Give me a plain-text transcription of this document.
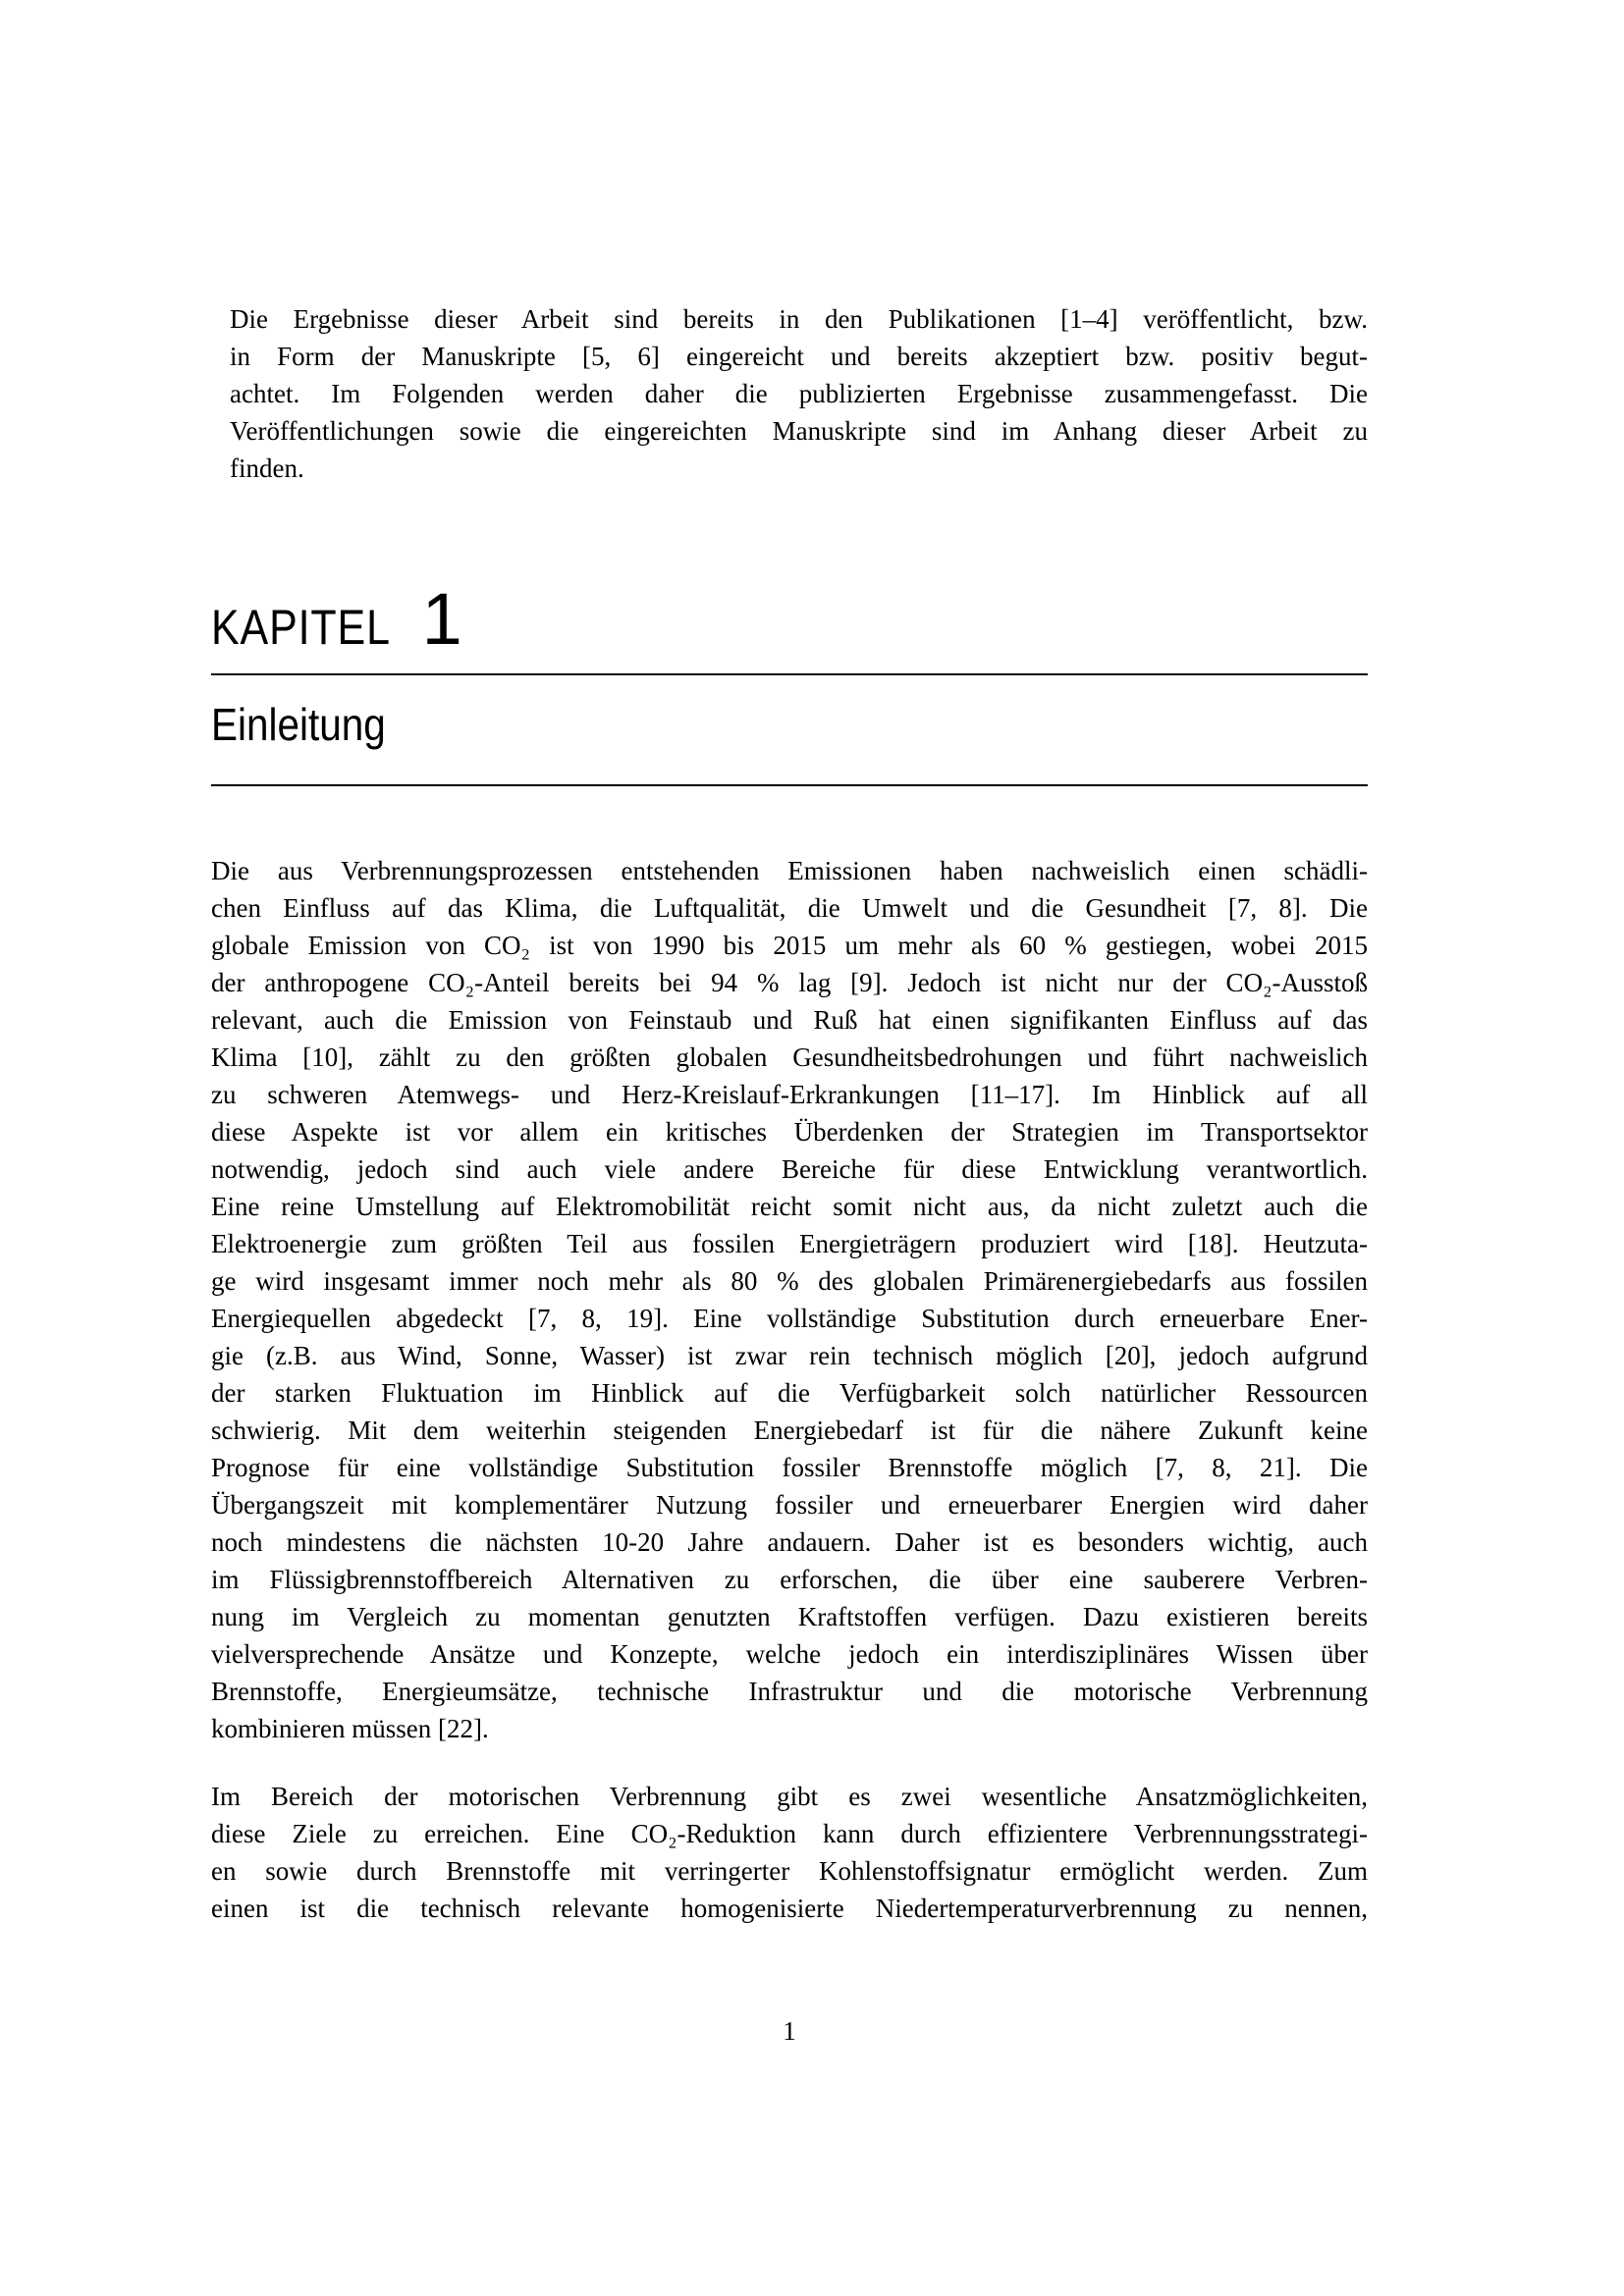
Die Ergebnisse dieser Arbeit sind bereits in den Publikationen [1–4] veröffentlicht, bzw.
in Form der Manuskripte [5, 6] eingereicht und bereits akzeptiert bzw. positiv begut-
achtet. Im Folgenden werden daher die publizierten Ergebnisse zusammengefasst. Die
Veröffentlichungen sowie die eingereichten Manuskripte sind im Anhang dieser Arbeit zu
finden.
KAPITEL 1
Einleitung
Die aus Verbrennungsprozessen entstehenden Emissionen haben nachweislich einen schädli-
chen Einfluss auf das Klima, die Luftqualität, die Umwelt und die Gesundheit [7, 8]. Die
globale Emission von CO₂ ist von 1990 bis 2015 um mehr als 60 % gestiegen, wobei 2015
der anthropogene CO₂-Anteil bereits bei 94 % lag [9]. Jedoch ist nicht nur der CO₂-Ausstoß
relevant, auch die Emission von Feinstaub und Ruß hat einen signifikanten Einfluss auf das
Klima [10], zählt zu den größten globalen Gesundheitsbedrohungen und führt nachweislich
zu schweren Atemwegs- und Herz-Kreislauf-Erkrankungen [11–17]. Im Hinblick auf all
diese Aspekte ist vor allem ein kritisches Überdenken der Strategien im Transportsektor
notwendig, jedoch sind auch viele andere Bereiche für diese Entwicklung verantwortlich.
Eine reine Umstellung auf Elektromobilität reicht somit nicht aus, da nicht zuletzt auch die
Elektroenergie zum größten Teil aus fossilen Energieträgern produziert wird [18]. Heutzuta-
ge wird insgesamt immer noch mehr als 80 % des globalen Primärenergiebedarfs aus fossilen
Energiequellen abgedeckt [7, 8, 19]. Eine vollständige Substitution durch erneuerbare Ener-
gie (z.B. aus Wind, Sonne, Wasser) ist zwar rein technisch möglich [20], jedoch aufgrund
der starken Fluktuation im Hinblick auf die Verfügbarkeit solch natürlicher Ressourcen
schwierig. Mit dem weiterhin steigenden Energiebedarf ist für die nähere Zukunft keine
Prognose für eine vollständige Substitution fossiler Brennstoffe möglich [7, 8, 21]. Die
Übergangszeit mit komplementärer Nutzung fossiler und erneuerbarer Energien wird daher
noch mindestens die nächsten 10-20 Jahre andauern. Daher ist es besonders wichtig, auch
im Flüssigbrennstoffbereich Alternativen zu erforschen, die über eine sauberere Verbren-
nung im Vergleich zu momentan genutzten Kraftstoffen verfügen. Dazu existieren bereits
vielversprechende Ansätze und Konzepte, welche jedoch ein interdisziplinäres Wissen über
Brennstoffe, Energieumsätze, technische Infrastruktur und die motorische Verbrennung
kombinieren müssen [22].
Im Bereich der motorischen Verbrennung gibt es zwei wesentliche Ansatzmöglichkeiten,
diese Ziele zu erreichen. Eine CO₂-Reduktion kann durch effizientere Verbrennungsstrategi-
en sowie durch Brennstoffe mit verringerter Kohlenstoffsignatur ermöglicht werden. Zum
einen ist die technisch relevante homogenisierte Niedertemperaturverbrennung zu nennen,
1
